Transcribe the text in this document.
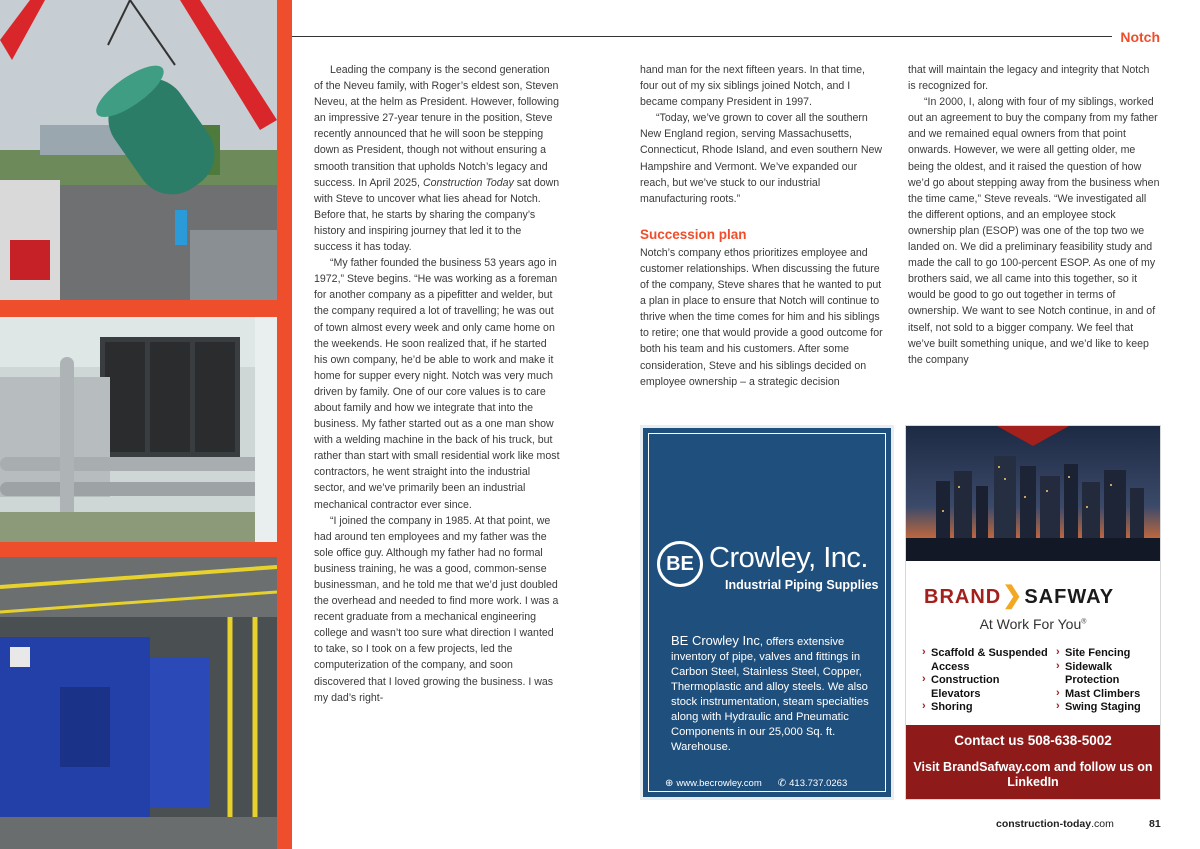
Notch

Leading the company is the second generation of the Neveu family, with Roger’s eldest son, Steven Neveu, at the helm as President. However, following an impressive 27-year tenure in the position, Steve recently announced that he will soon be stepping down as President, though not without ensuring a smooth transition that upholds Notch’s legacy and success. In April 2025, Construction Today sat down with Steve to uncover what lies ahead for Notch. Before that, he starts by sharing the company’s history and inspiring journey that led it to the success it has today.

“My father founded the business 53 years ago in 1972,” Steve begins. “He was working as a foreman for another company as a pipefitter and welder, but the company required a lot of travelling; he was out of town almost every week and only came home on the weekends. He soon realized that, if he started his own company, he’d be able to work and make it home for supper every night. Notch was very much driven by family. One of our core values is to care about family and how we integrate that into the business. My father started out as a one man show with a welding machine in the back of his truck, but rather than start with small residential work like most contractors, he went straight into the industrial sector, and we’ve primarily been an industrial mechanical contractor ever since.

“I joined the company in 1985. At that point, we had around ten employees and my father was the sole office guy. Although my father had no formal business training, he was a good, common-sense businessman, and he told me that we’d just doubled the overhead and needed to find more work. I was a recent graduate from a mechanical engineering college and wasn’t too sure what direction I wanted to take, so I took on a few projects, led the computerization of the company, and soon discovered that I loved growing the business. I was my dad’s right-

hand man for the next fifteen years. In that time, four out of my six siblings joined Notch, and I became company President in 1997.

“Today, we’ve grown to cover all the southern New England region, serving Massachusetts, Connecticut, Rhode Island, and even southern New Hampshire and Vermont. We’ve expanded our reach, but we’ve stuck to our industrial manufacturing roots.”

Succession plan

Notch’s company ethos prioritizes employee and customer relationships. When discussing the future of the company, Steve shares that he wanted to put a plan in place to ensure that Notch will continue to thrive when the time comes for him and his siblings to retire; one that would provide a good outcome for both his team and his customers. After some consideration, Steve and his siblings decided on employee ownership – a strategic decision

that will maintain the legacy and integrity that Notch is recognized for.

“In 2000, I, along with four of my siblings, worked out an agreement to buy the company from my father and we remained equal owners from that point onwards. However, we were all getting older, me being the oldest, and it raised the question of how we’d go about stepping away from the business when the time came,” Steve reveals. “We investigated all the different options, and an employee stock ownership plan (ESOP) was one of the top two we landed on. We did a preliminary feasibility study and made the call to go 100-percent ESOP. As one of my brothers said, we all came into this together, so it would be good to go out together in terms of ownership. We want to see Notch continue, in and of itself, not sold to a bigger company. We feel that we’ve built something unique, and we’d like to keep the company

BE Crowley, Inc.
Industrial Piping Supplies
BE Crowley Inc, offers extensive inventory of pipe, valves and fittings in Carbon Steel, Stainless Steel, Copper, Thermoplastic and alloy steels. We also stock instrumentation, steam specialties along with Hydraulic and Pneumatic Components in our 25,000 Sq. ft. Warehouse.
⊕ www.becrowley.com ✆ 413.737.0263
BRAND❯SAFWAY
At Work For You®
› Scaffold & Suspended Access
› Construction Elevators
› Shoring
› Site Fencing
› Sidewalk Protection
› Mast Climbers
› Swing Staging
Contact us 508-638-5002
Visit BrandSafway.com and follow us on LinkedIn
construction-today.com	81
